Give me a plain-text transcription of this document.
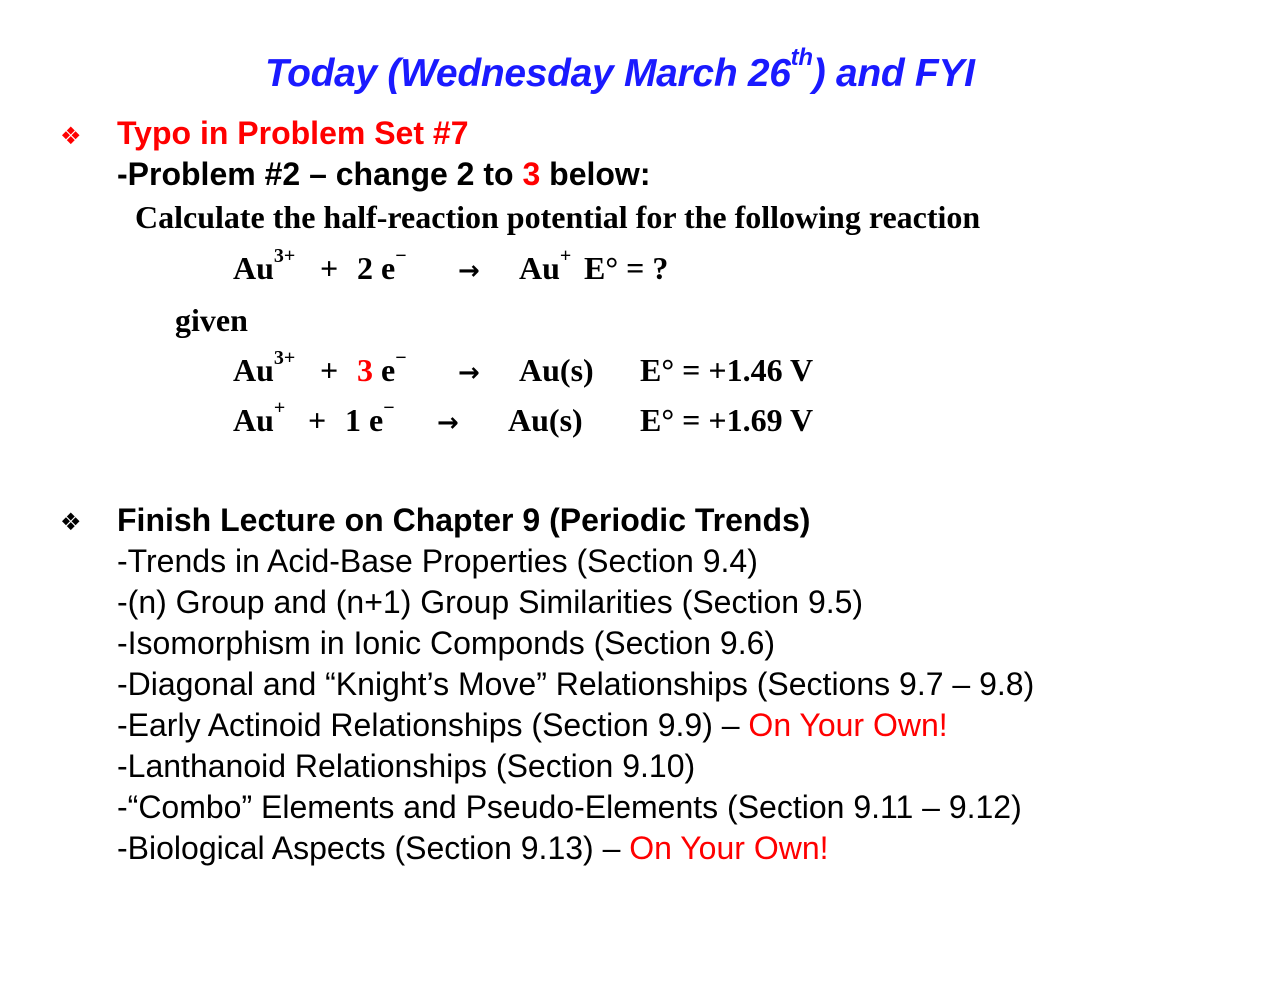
Today (Wednesday March 26th) and FYI
❖ Typo in Problem Set #7
-Problem #2 – change 2 to 3 below:
Calculate the half-reaction potential for the following reaction
$Au^{3+} + 2$ e− → Au+ E° = ?
given
$Au^{3+} + 3$ e− → Au(s) E° = +1.46 V
Au+ + 1 e− → Au(s) E° = +1.69 V
❖ Finish Lecture on Chapter 9 (Periodic Trends)
-Trends in Acid-Base Properties (Section 9.4)
-(n) Group and (n+1) Group Similarities (Section 9.5)
-Isomorphism in Ionic Componds (Section 9.6)
-Diagonal and “Knight’s Move” Relationships (Sections 9.7 – 9.8)
-Early Actinoid Relationships (Section 9.9) – On Your Own!
-Lanthanoid Relationships (Section 9.10)
-“Combo” Elements and Pseudo-Elements (Section 9.11 – 9.12)
-Biological Aspects (Section 9.13) – On Your Own!
